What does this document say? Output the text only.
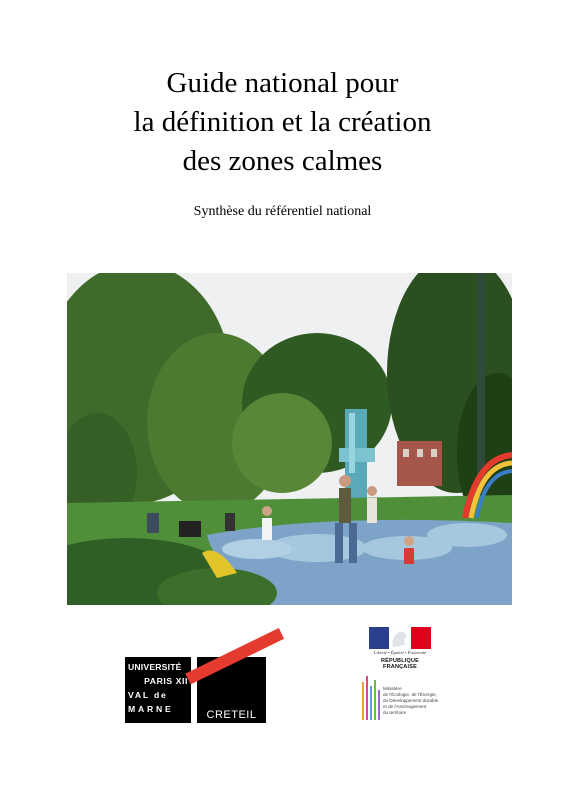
Guide national pour
la définition et la création
des zones calmes
Synthèse du référentiel national
UNIVERSITÉ
PARIS XII
VAL de
MARNE	CRETEIL
Liberté • Égalité • Fraternité
RÉPUBLIQUE FRANÇAISE
Ministère
de l'Écologie, de l'Énergie,
du Développement durable
et de l'Aménagement
du territoire
